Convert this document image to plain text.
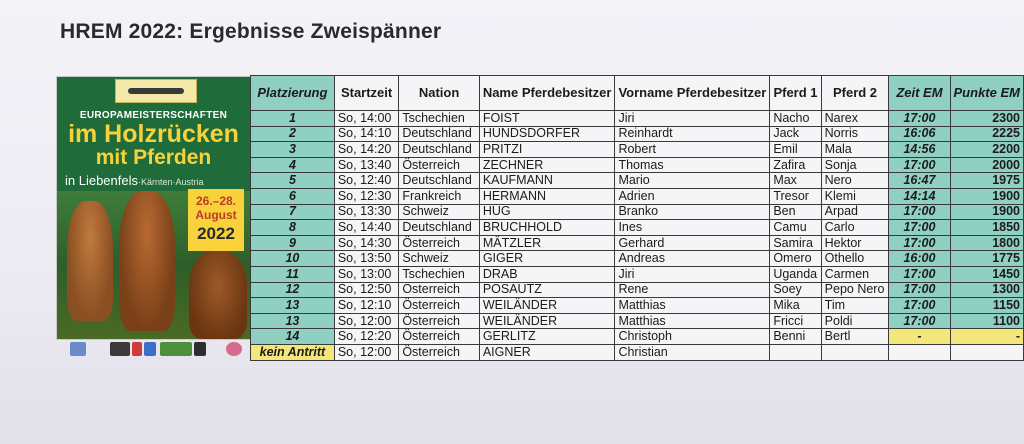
HREM 2022: Ergebnisse Zweispänner
EUROPAMEISTERSCHAFTEN
im Holzrücken
mit Pferden
in Liebenfels·Kärnten·Austria
26.–28.
August
2022
Platzierung	Startzeit	Nation	Name Pferdebesitzer	Vorname Pferdebesitzer	Pferd 1	Pferd 2	Zeit EM	Punkte EM
1	So, 14:00	Tschechien	FOIST	Jiri	Nacho	Narex	17:00	2300
2	So, 14:10	Deutschland	HUNDSDORFER	Reinhardt	Jack	Norris	16:06	2225
3	So, 14:20	Deutschland	PRITZI	Robert	Emil	Mala	14:56	2200
4	So, 13:40	Österreich	ZECHNER	Thomas	Zafira	Sonja	17:00	2000
5	So, 12:40	Deutschland	KAUFMANN	Mario	Max	Nero	16:47	1975
6	So, 12:30	Frankreich	HERMANN	Adrien	Tresor	Klemi	14:14	1900
7	So, 13:30	Schweiz	HUG	Branko	Ben	Arpad	17:00	1900
8	So, 14:40	Deutschland	BRUCHHOLD	Ines	Camu	Carlo	17:00	1850
9	So, 14:30	Österreich	MÄTZLER	Gerhard	Samira	Hektor	17:00	1800
10	So, 13:50	Schweiz	GIGER	Andreas	Omero	Othello	16:00	1775
11	So, 13:00	Tschechien	DRAB	Jiri	Uganda	Carmen	17:00	1450
12	So, 12:50	Österreich	POSAUTZ	Rene	Soey	Pepo Nero	17:00	1300
13	So, 12:10	Österreich	WEILÄNDER	Matthias	Mika	Tim	17:00	1150
13	So, 12:00	Österreich	WEILÄNDER	Matthias	Fricci	Poldi	17:00	1100
14	So, 12:20	Österreich	GERLITZ	Christoph	Benni	Bertl	-	-
kein Antritt	So, 12:00	Österreich	AIGNER	Christian				
